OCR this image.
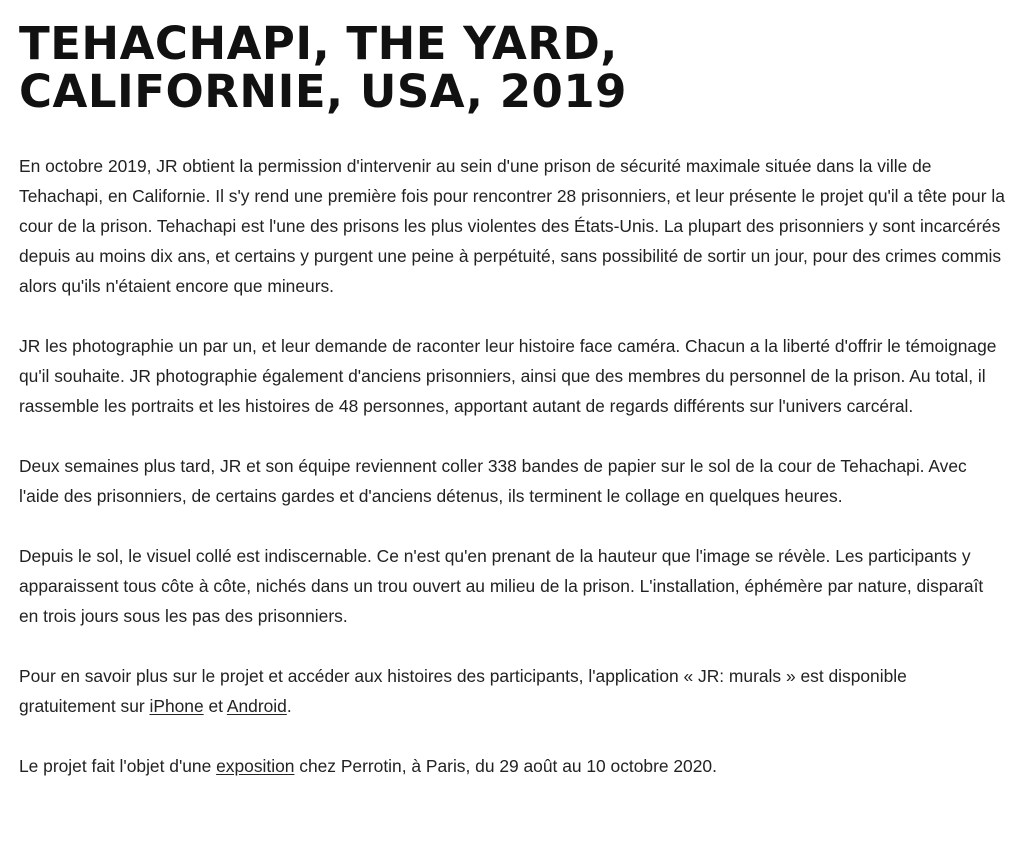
TEHACHAPI, THE YARD, CALIFORNIE, USA, 2019

En octobre 2019, JR obtient la permission d'intervenir au sein d'une prison de sécurité maximale située dans la ville de Tehachapi, en Californie. Il s'y rend une première fois pour rencontrer 28 prisonniers, et leur présente le projet qu'il a tête pour la cour de la prison. Tehachapi est l'une des prisons les plus violentes des États-Unis. La plupart des prisonniers y sont incarcérés depuis au moins dix ans, et certains y purgent une peine à perpétuité, sans possibilité de sortir un jour, pour des crimes commis alors qu'ils n'étaient encore que mineurs.

JR les photographie un par un, et leur demande de raconter leur histoire face caméra. Chacun a la liberté d'offrir le témoignage qu'il souhaite. JR photographie également d'anciens prisonniers, ainsi que des membres du personnel de la prison. Au total, il rassemble les portraits et les histoires de 48 personnes, apportant autant de regards différents sur l'univers carcéral.

Deux semaines plus tard, JR et son équipe reviennent coller 338 bandes de papier sur le sol de la cour de Tehachapi. Avec l'aide des prisonniers, de certains gardes et d'anciens détenus, ils terminent le collage en quelques heures.

Depuis le sol, le visuel collé est indiscernable. Ce n'est qu'en prenant de la hauteur que l'image se révèle. Les participants y apparaissent tous côte à côte, nichés dans un trou ouvert au milieu de la prison. L'installation, éphémère par nature, disparaît en trois jours sous les pas des prisonniers.

Pour en savoir plus sur le projet et accéder aux histoires des participants, l'application « JR: murals » est disponible gratuitement sur iPhone et Android.

Le projet fait l'objet d'une exposition chez Perrotin, à Paris, du 29 août au 10 octobre 2020.
